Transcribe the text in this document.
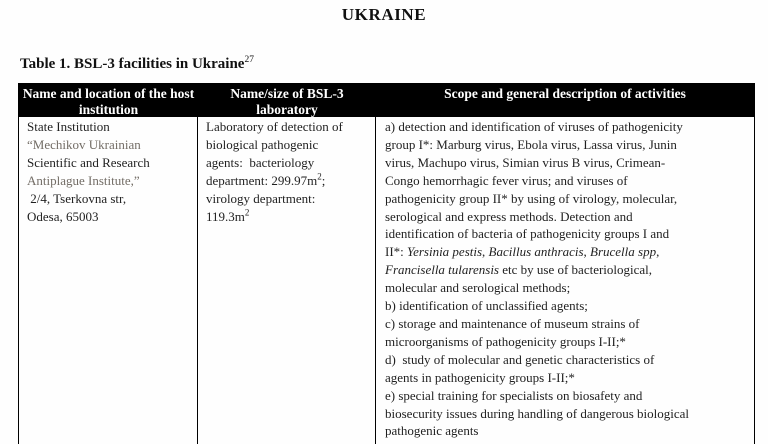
UKRAINE
Table 1. BSL-3 facilities in Ukraine$^{27}$
Name and location of the host institution
Name/size of BSL-3 laboratory
Scope and general description of activities
State Institution
“Mechikov Ukrainian
Scientific and Research
Antiplague Institute,”
2/4, Tserkovna str,
Odesa, 65003
Laboratory of detection of
biological pathogenic
agents:  bacteriology
department: $299.97m^2$;
virology department:
$119.3m^2$
a) detection and identification of viruses of pathogenicity
group I*: Marburg virus, Ebola virus, Lassa virus, Junin
virus, Machupo virus, Simian virus B virus, Crimean-
Congo hemorrhagic fever virus; and viruses of
pathogenicity group II* by using of virology, molecular,
serological and express methods. Detection and
identification of bacteria of pathogenicity groups I and
II*: Yersinia pestis, Bacillus anthracis, Brucella spp,
Francisella tularensis etc by use of bacteriological,
molecular and serological methods;
b) identification of unclassified agents;
c) storage and maintenance of museum strains of
microorganisms of pathogenicity groups I-II;*
d)  study of molecular and genetic characteristics of
agents in pathogenicity groups I-II;*
e) special training for specialists on biosafety and
biosecurity issues during handling of dangerous biological
pathogenic agents
